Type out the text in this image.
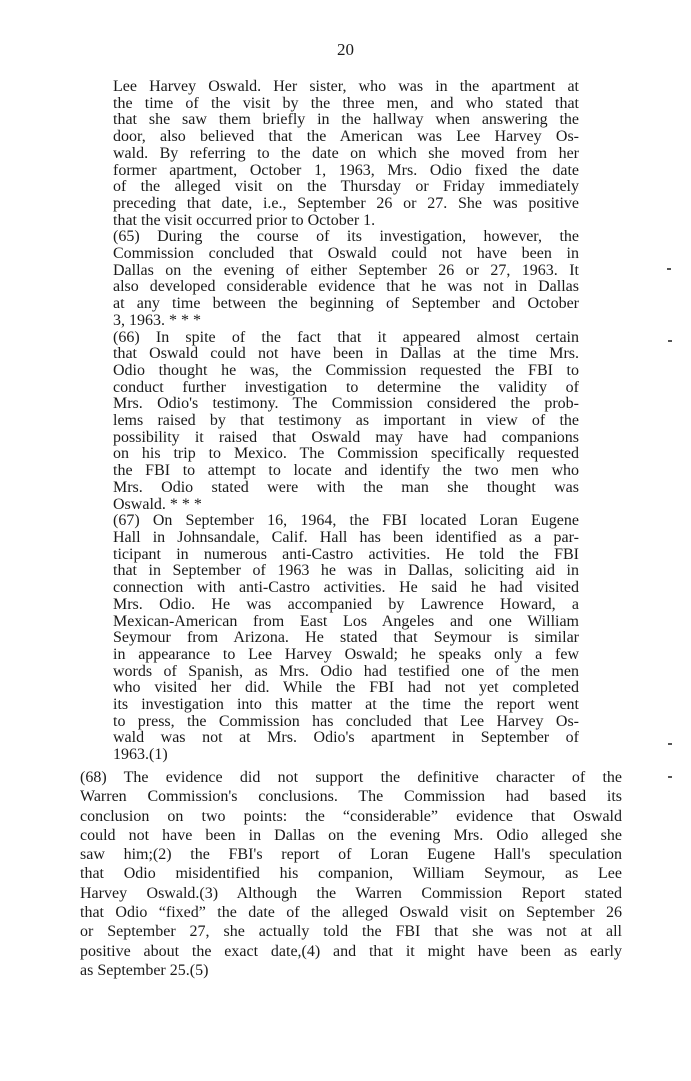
20
Lee Harvey Oswald. Her sister, who was in the apartment at
the time of the visit by the three men, and who stated that
that she saw them briefly in the hallway when answering the
door, also believed that the American was Lee Harvey Os-
wald. By referring to the date on which she moved from her
former apartment, October 1, 1963, Mrs. Odio fixed the date
of the alleged visit on the Thursday or Friday immediately
preceding that date, i.e., September 26 or 27. She was positive
that the visit occurred prior to October 1.
(65) During the course of its investigation, however, the
Commission concluded that Oswald could not have been in
Dallas on the evening of either September 26 or 27, 1963. It
also developed considerable evidence that he was not in Dallas
at any time between the beginning of September and October
3, 1963. * * *
(66) In spite of the fact that it appeared almost certain
that Oswald could not have been in Dallas at the time Mrs.
Odio thought he was, the Commission requested the FBI to
conduct further investigation to determine the validity of
Mrs. Odio's testimony. The Commission considered the prob-
lems raised by that testimony as important in view of the
possibility it raised that Oswald may have had companions
on his trip to Mexico. The Commission specifically requested
the FBI to attempt to locate and identify the two men who
Mrs. Odio stated were with the man she thought was
Oswald. * * *
(67) On September 16, 1964, the FBI located Loran Eugene
Hall in Johnsandale, Calif. Hall has been identified as a par-
ticipant in numerous anti-Castro activities. He told the FBI
that in September of 1963 he was in Dallas, soliciting aid in
connection with anti-Castro activities. He said he had visited
Mrs. Odio. He was accompanied by Lawrence Howard, a
Mexican-American from East Los Angeles and one William
Seymour from Arizona. He stated that Seymour is similar
in appearance to Lee Harvey Oswald; he speaks only a few
words of Spanish, as Mrs. Odio had testified one of the men
who visited her did. While the FBI had not yet completed
its investigation into this matter at the time the report went
to press, the Commission has concluded that Lee Harvey Os-
wald was not at Mrs. Odio's apartment in September of
1963.(1)
(68) The evidence did not support the definitive character of the
Warren Commission's conclusions. The Commission had based its
conclusion on two points: the “considerable” evidence that Oswald
could not have been in Dallas on the evening Mrs. Odio alleged she
saw him;(2) the FBI's report of Loran Eugene Hall's speculation
that Odio misidentified his companion, William Seymour, as Lee
Harvey Oswald.(3) Although the Warren Commission Report stated
that Odio “fixed” the date of the alleged Oswald visit on September 26
or September 27, she actually told the FBI that she was not at all
positive about the exact date,(4) and that it might have been as early
as September 25.(5)
